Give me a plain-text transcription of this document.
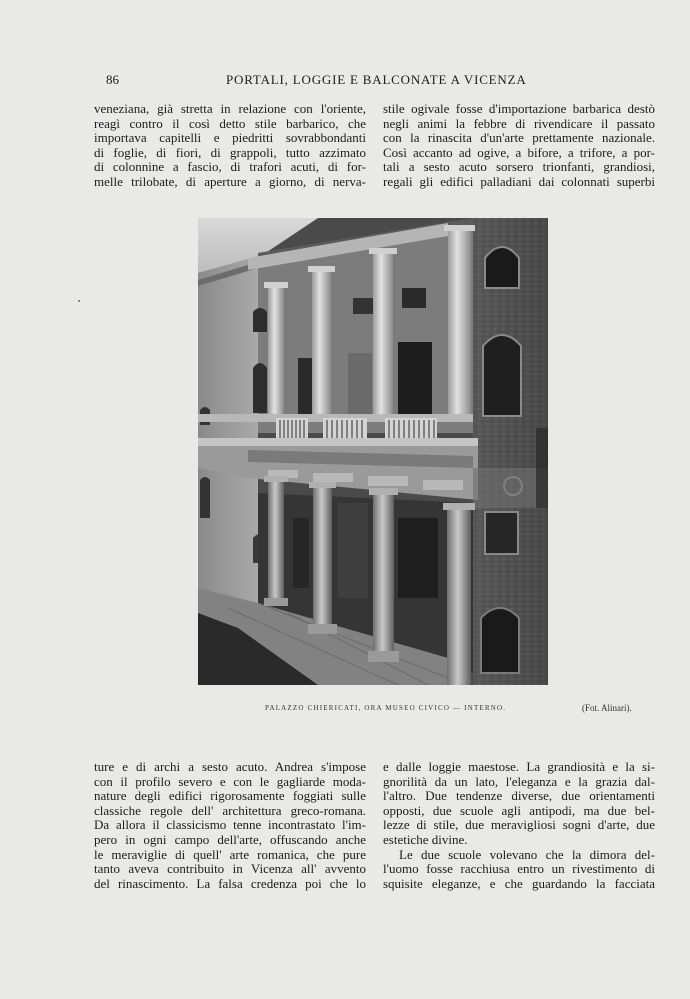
86	PORTALI, LOGGIE E BALCONATE A VICENZA
veneziana, già stretta in relazione con l'oriente,
reagì contro il così detto stile barbarico, che
importava capitelli e piedritti sovrabbondanti
di foglie, di fiori, di grappoli, tutto azzimato
di colonnine a fascio, di trafori acuti, di for-
melle trilobate, di aperture a giorno, di nerva-
stile ogivale fosse d'importazione barbarica destò
negli animi la febbre di rivendicare il passato
con la rinascita d'un'arte prettamente nazionale.
Così accanto ad ogive, a bifore, a trifore, a por-
tali a sesto acuto sorsero trionfanti, grandiosi,
regali gli edifici palladiani dai colonnati superbi
PALAZZO CHIERICATI, ORA MUSEO CIVICO — INTERNO.	(Fot. Alinari).
ture e di archi a sesto acuto. Andrea s'impose
con il profilo severo e con le gagliarde moda-
nature degli edifici rigorosamente foggiati sulle
classiche regole dell' architettura greco-romana.
Da allora il classicismo tenne incontrastato l'im-
pero in ogni campo dell'arte, offuscando anche
le meraviglie di quell' arte romanica, che pure
tanto aveva contribuito in Vicenza all' avvento
del rinascimento. La falsa credenza poi che lo
e dalle loggie maestose. La grandiosità e la si-
gnorilità da un lato, l'eleganza e la grazia dal-
l'altro. Due tendenze diverse, due orientamenti
opposti, due scuole agli antipodi, ma due bel-
lezze di stile, due meravigliosi sogni d'arte, due
estetiche divine.
Le due scuole volevano che la dimora del-
l'uomo fosse racchiusa entro un rivestimento di
squisite eleganze, e che guardando la facciata
